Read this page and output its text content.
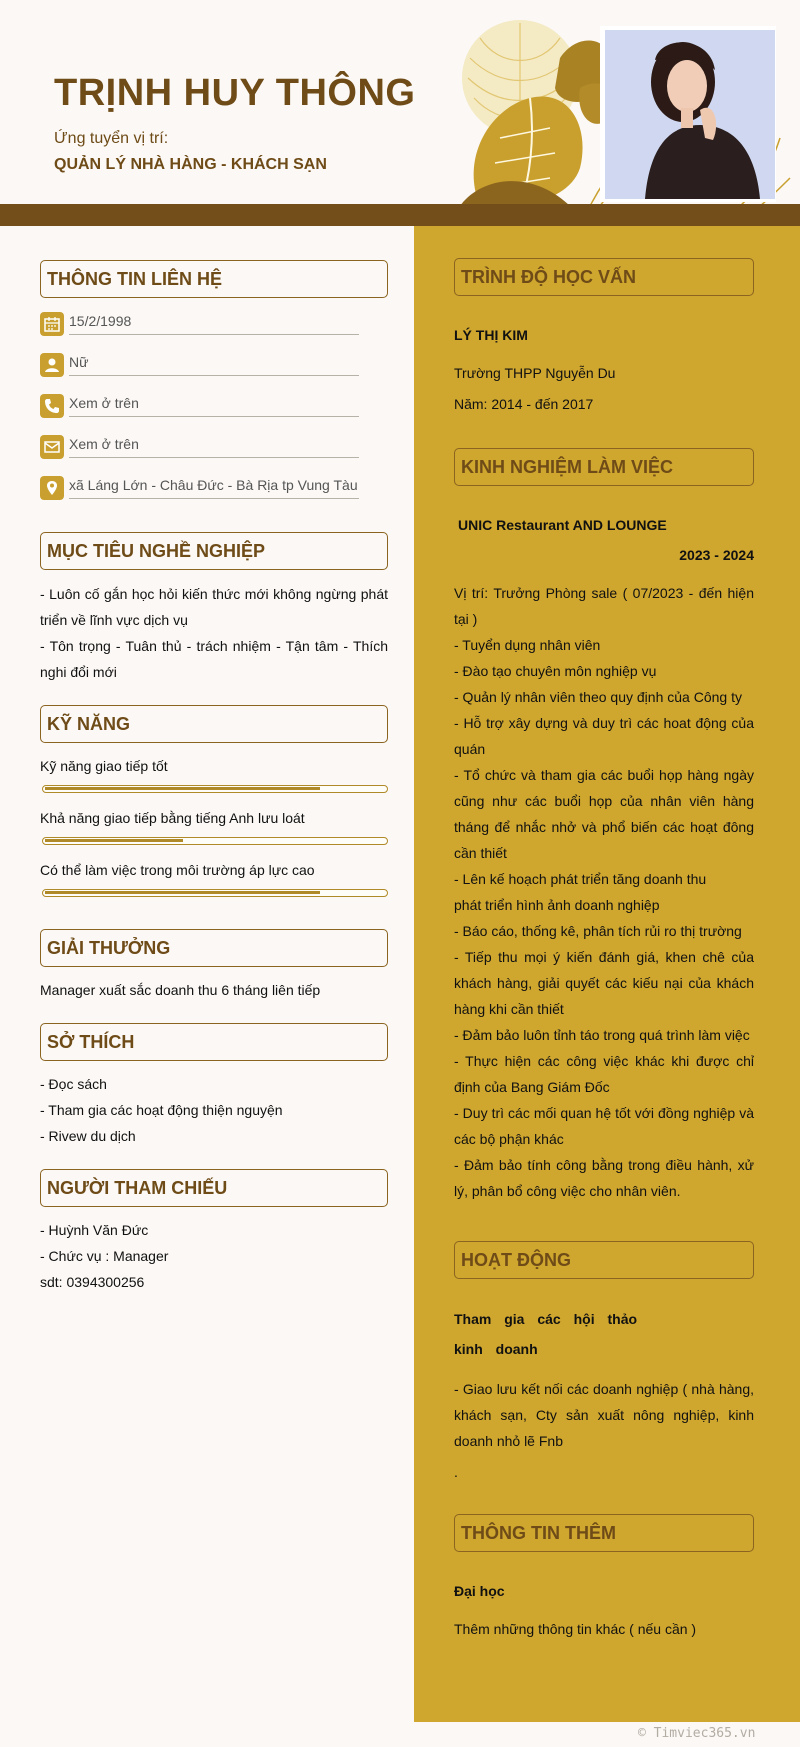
TRỊNH HUY THÔNG
Ứng tuyển vị trí:
QUẢN LÝ NHÀ HÀNG - KHÁCH SẠN
THÔNG TIN LIÊN HỆ
15/2/1998
Nữ
Xem ở trên
Xem ở trên
xã Láng Lớn - Châu Đức - Bà Rịa tp Vung Tàu
MỤC TIÊU NGHỀ NGHIỆP
- Luôn cố gắn học hỏi kiến thức mới không ngừng phát triển về lĩnh vực dịch vụ
- Tôn trọng - Tuân thủ - trách nhiệm - Tận tâm - Thích nghi đổi mới
KỸ NĂNG
Kỹ năng giao tiếp tốt
Khả năng giao tiếp bằng tiếng Anh lưu loát
Có thể làm việc trong môi trường áp lực cao
GIẢI THƯỞNG
Manager xuất sắc doanh thu 6 tháng liên tiếp
SỞ THÍCH
- Đọc sách
- Tham gia các hoạt động thiện nguyện
- Rivew du dịch
NGƯỜI THAM CHIẾU
- Huỳnh Văn Đức
- Chức vụ : Manager
sdt: 0394300256
TRÌNH ĐỘ HỌC VẤN
LÝ THỊ KIM
Trường THPP Nguyễn Du
Năm: 2014 - đến 2017
KINH NGHIỆM LÀM VIỆC
UNIC Restaurant AND LOUNGE
2023 - 2024
Vị trí: Trưởng Phòng sale ( 07/2023 - đến hiện tại )
- Tuyển dụng nhân viên
- Đào tạo chuyên môn nghiệp vụ
- Quản lý nhân viên theo quy định của Công ty
- Hỗ trợ xây dựng và duy trì các hoat động của quán
- Tổ chức và tham gia các buổi họp hàng ngày cũng như các buổi họp của nhân viên hàng tháng để nhắc nhở và phổ biến các hoạt đông cần thiết
- Lên kế hoạch phát triển tăng doanh thu
phát triển hình ảnh doanh nghiệp
- Báo cáo, thống kê, phân tích rủi ro thị trường
- Tiếp thu mọi ý kiến đánh giá, khen chê của khách hàng, giải quyết các kiếu nại của khách hàng khi cần thiết
- Đảm bảo luôn tỉnh táo trong quá trình làm việc
- Thực hiện các công việc khác khi được chỉ định của Bang Giám Đốc
- Duy trì các mối quan hệ tốt với đồng nghiệp và các bộ phận khác
- Đảm bảo tính công bằng trong điều hành, xử lý, phân bổ công việc cho nhân viên.
HOẠT ĐỘNG
Tham gia các hội thảo kinh doanh
- Giao lưu kết nối các doanh nghiệp ( nhà hàng, khách sạn, Cty sản xuất nông nghiệp, kinh doanh nhỏ lẽ Fnb
.
THÔNG TIN THÊM
Đại học
Thêm những thông tin khác ( nếu cần )
© Timviec365.vn
